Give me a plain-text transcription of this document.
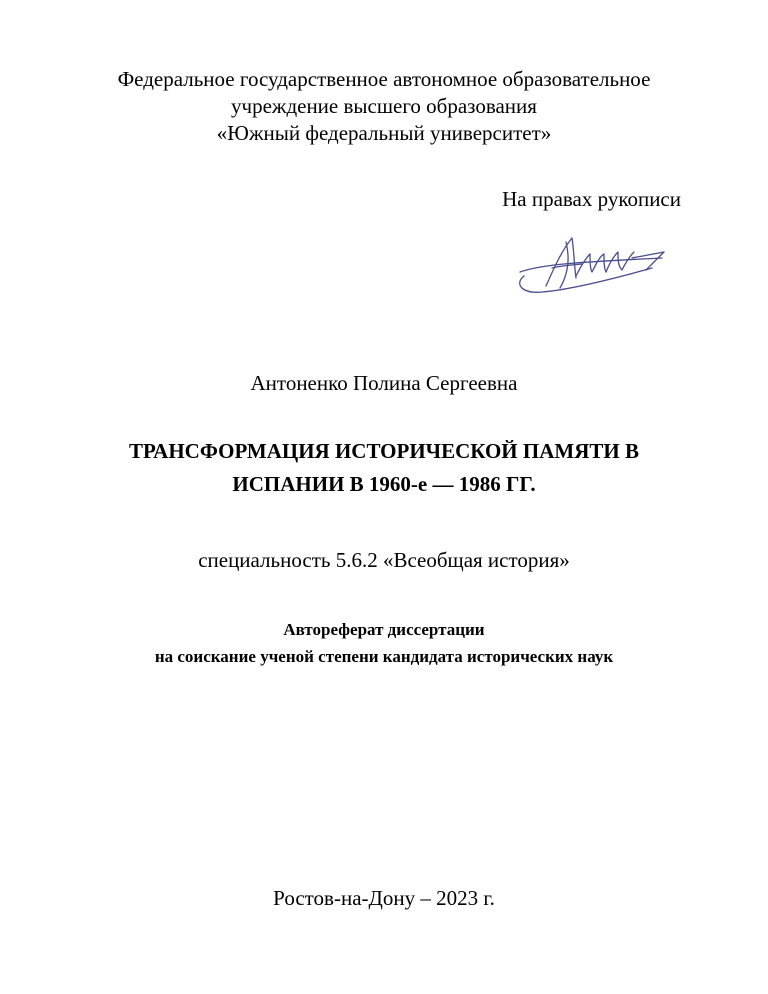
Федеральное государственное автономное образовательное
учреждение высшего образования
«Южный федеральный университет»
На правах рукописи
Антоненко Полина Сергеевна
ТРАНСФОРМАЦИЯ ИСТОРИЧЕСКОЙ ПАМЯТИ В
ИСПАНИИ В 1960-е — 1986 ГГ.
специальность 5.6.2 «Всеобщая история»
Автореферат диссертации
на соискание ученой степени кандидата исторических наук
Ростов-на-Дону – 2023 г.
